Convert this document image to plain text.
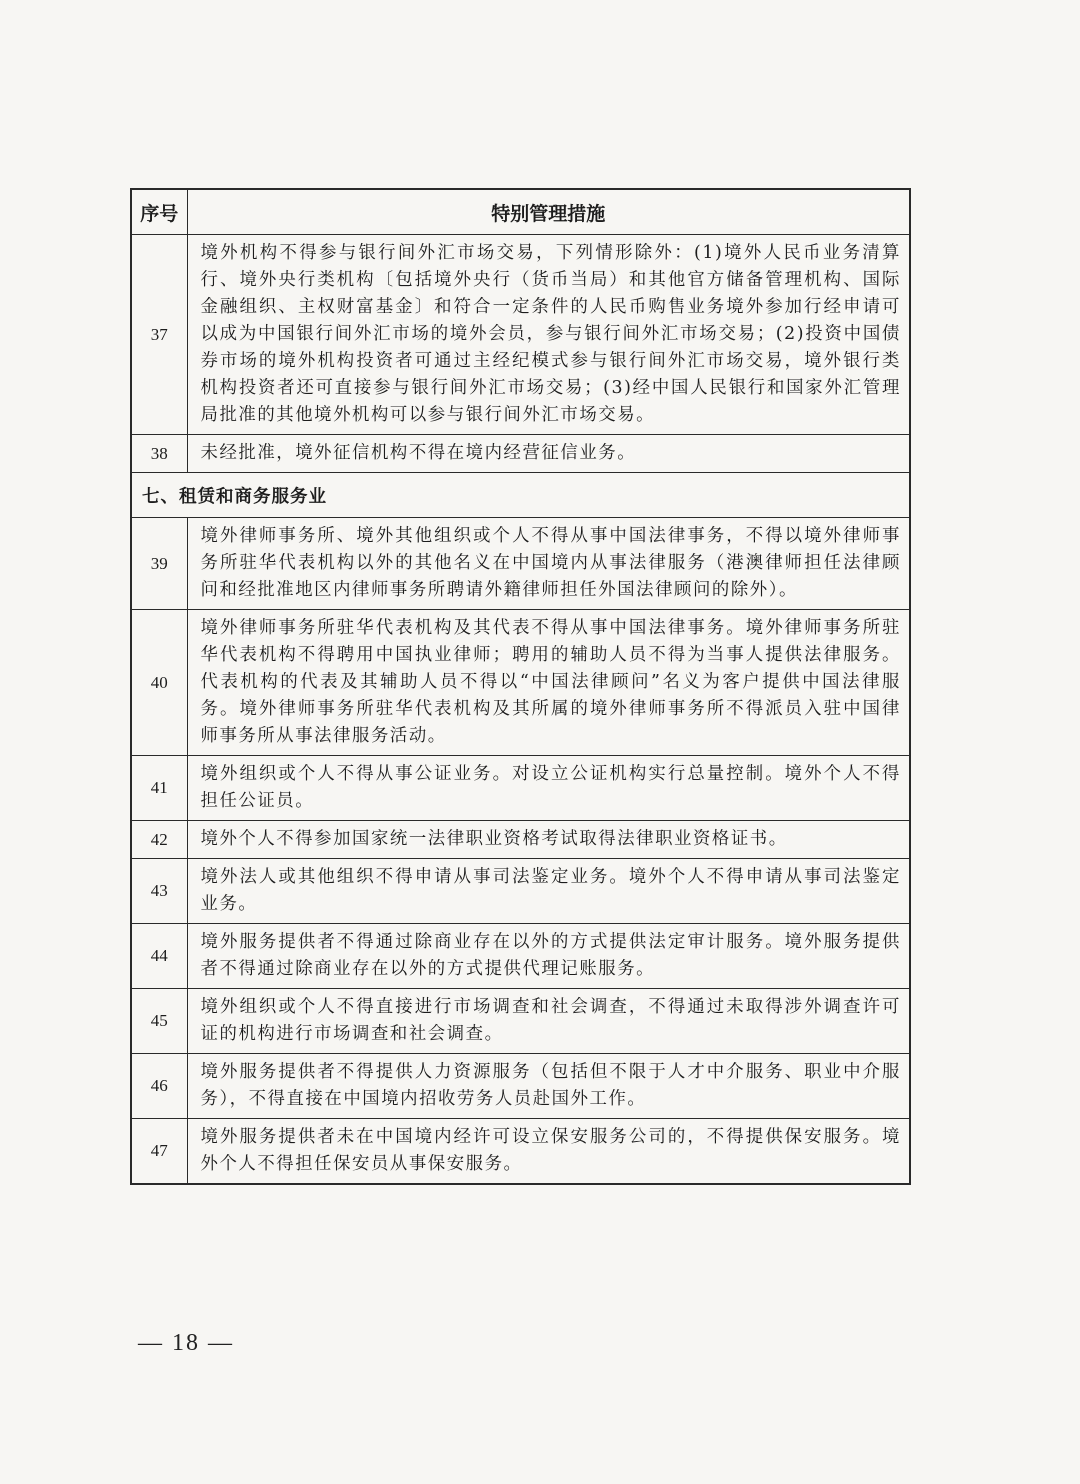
序号	特别管理措施
37	境外机构不得参与银行间外汇市场交易，下列情形除外：(1)境外人民币业务清算行、境外央行类机构〔包括境外央行（货币当局）和其他官方储备管理机构、国际金融组织、主权财富基金〕和符合一定条件的人民币购售业务境外参加行经申请可以成为中国银行间外汇市场的境外会员，参与银行间外汇市场交易；(2)投资中国债券市场的境外机构投资者可通过主经纪模式参与银行间外汇市场交易，境外银行类机构投资者还可直接参与银行间外汇市场交易；(3)经中国人民银行和国家外汇管理局批准的其他境外机构可以参与银行间外汇市场交易。
38	未经批准，境外征信机构不得在境内经营征信业务。
七、租赁和商务服务业	
39	境外律师事务所、境外其他组织或个人不得从事中国法律事务，不得以境外律师事务所驻华代表机构以外的其他名义在中国境内从事法律服务（港澳律师担任法律顾问和经批准地区内律师事务所聘请外籍律师担任外国法律顾问的除外）。
40	境外律师事务所驻华代表机构及其代表不得从事中国法律事务。境外律师事务所驻华代表机构不得聘用中国执业律师；聘用的辅助人员不得为当事人提供法律服务。代表机构的代表及其辅助人员不得以“中国法律顾问”名义为客户提供中国法律服务。境外律师事务所驻华代表机构及其所属的境外律师事务所不得派员入驻中国律师事务所从事法律服务活动。
41	境外组织或个人不得从事公证业务。对设立公证机构实行总量控制。境外个人不得担任公证员。
42	境外个人不得参加国家统一法律职业资格考试取得法律职业资格证书。
43	境外法人或其他组织不得申请从事司法鉴定业务。境外个人不得申请从事司法鉴定业务。
44	境外服务提供者不得通过除商业存在以外的方式提供法定审计服务。境外服务提供者不得通过除商业存在以外的方式提供代理记账服务。
45	境外组织或个人不得直接进行市场调查和社会调查，不得通过未取得涉外调查许可证的机构进行市场调查和社会调查。
46	境外服务提供者不得提供人力资源服务（包括但不限于人才中介服务、职业中介服务），不得直接在中国境内招收劳务人员赴国外工作。
47	境外服务提供者未在中国境内经许可设立保安服务公司的，不得提供保安服务。境外个人不得担任保安员从事保安服务。
— 18 —
